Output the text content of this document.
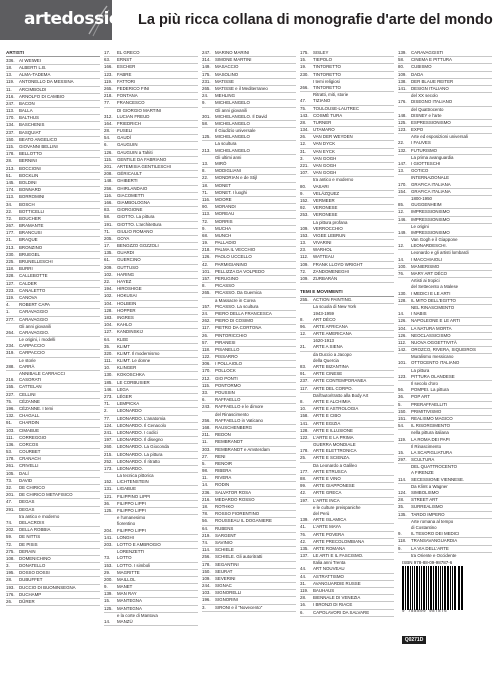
artedossier La più ricca collana di monografie d'arte del mondo
ARTISTI
336. AI WEIWEI
18. ALBERTI L.B.
13. ALMA-TADEMA
119. ANTONELLO DA MESSINA
11. ARCIMBOLDI
216. ARNOLFO DI CAMBIO
247. BACON
113. BALLA
170. BALTHUS
134. BASCHENIS
237. BASQUIAT
150. BEATO ANGELICO
115. GIOVANNI BELLINI
178. BELLOTTO
28. BERNINI
213. BOCCIONI
51. BOCKLIN
145. BOLDINI
174. BONNARD
113. BORROMINI
34. BOSCH
22. BOTTICELLI
72. BOUCHER
267. BRAMANTE
177. BRANCUSI
21. BRAQUE
213. BRONZINO
230. BRUEGEL
225. BRUNELLESCHI
118. BURRI
328. CALLEBOTTE
127. CALDER
223. CANALETTO
119. CANOVA
4. ROBERT CAPA
1. CARAVAGGIO
277. CARAVAGGIO
Gli anni giovanili
264. CARAVAGGIO.
Le origini, i modelli
234. CARPACCIO
319. CARPACCIO
Le storie
288. CARRÀ
ANNIBALE CARRACCI
216. CASORATI
155. CATTELAN
227. CELLINI
75. CÉZANNE
196. CÉZANNE. I temi
132. CHAGALL
91. CHARDIN
103. CIMABUE
111. CORREGGIO
136. CORCOS
53. COURBET
178. CRANACH
261. CRIVELLI
105. DALÍ
73. DAVID
32. DE CHIRICO
201. DE CHIRICO METAFISICO
47. DEGAS
291. DEGAS
tra antico e moderno
74. DELACROIX
202. DELLA ROBBIA
59. DE NITTIS
72. DE PISIS
275. DERAIN
108. DOMENICHINO
3. DONATELLO
195. DOSSO DOSSI
28. DUBUFFET
193. DUCCIO DI BUONINSEGNA
176. DUCHAMP
26. DÜRER
17. EL GRECO
63. ERNST
166. ESCHER
123. FABRE
119. FATTORI
265. FEDERICO FINI
218. FONTANA
77. FRANCESCO
DI GIORGIO MARTINI
312. LUCIAN FREUD
164. FRIEDRICH
28. FUSELI
54. GAUDÍ
6. GAUGUIN
126. GAUGUIN a Tahiti
115. GENTILE DA FABRIANO
201. ARTEMISIA GENTILESCHI
208. GÉRICAULT
148. GHIBERTI
256. GHIRLANDAIO
116. GIACOMETTI
166. GIAMBOLOGNA
83. GIORGIONE
58. GIOTTO. La pittura
191. GIOTTO. L'architettura
71. GIULIO ROMANO
205. GOYA
17. BENOZZO GOZZOLI
135. GUARDI
61. GUERCINO
209. GUTTUSO
102. HARING
22. HAYEZ
194. HIROSHIGE
102. HOKUSAI
104. HOLBEIN
128. HOPPER
183. INGRES
104. KAHLO
127. KANDINSKIJ
64. KLEE
35. KLIMT
320. KLIMT. Il modernismo
111. KLIMT. Le donne
10. KLINGER
130. KOKOSCHKA
185. LE CORBUSIER
146. LEGA
273. LÉGER
71. LEMPICKA
2. LEONARDO
77. LEONARDO. L'anatomia
124. LEONARDO. Il Cenacolo
241. LEONARDO. I codici
197. LEONARDO. Il disegno
260. LEONARDO. La Gioconda
215. LEONARDO. La pittura
252. LEONARDO. Il ritratto
173. LEONARDO.
La tecnica pittorica
152. LICHTENSTEIN
131. LIGABUE
121. FILIPPINO LIPPI
36. FILIPPO LIPPI
125. FILIPPO LIPPI
e l'umanesimo
fiorentino
204. FILIPPO LIPPI
141. LONGHI
203. LOTTO E AMBROGIO
LORENZETTI
73. LOTTO
153. LOTTO. I simboli
29. MAGRITTE
200. MAILLOL
9. MANET
139. MAN RAY
15. MANTEGNA
125. MANTEGNA
e la corte di Mantova
14. MANZÙ
247. MARINO MARINI
314. SIMONE MARTINI
149. MASACCIO
175. MASOLINO
231. MATISSE
265. MATISSE e il Mediterraneo
24. MEHLING
9. MICHELANGELO
Gli anni giovanili
301. MICHELANGELO. Il David
58. MICHELANGELO
Il Giudizio universale
125. MICHELANGELO
La scultura
213. MICHELANGELO
Gli ultimi anni
13. MIRÓ
8. MODIGLIANI
22. MONDRIAN e de Stijl
18. MONET
71. MONET. I luoghi
116. MOORE
90. MORANDI
113. MOREAU
72. MORRIS
9. MUCHA
68. MUNCH
19. PALLADIO
218. PALMA IL VECCHIO
126. PAOLO UCCELLO
42. PARMIGIANINO
101. PELLIZZA DA VOLPEDO
157. PERUGINO
8. PICASSO
265. PICASSO. Da Guernica
a Massacre in Corea
157. PICASSO. La scultura
24. PIERO DELLA FRANCESCA
262. PIERO DI COSIMO
117. PIETRO DA CORTONA
26. PINTORICCHIO
57. PIRANESI
118. PISANELLO
122. PISSARRO
306. I POLLAIOLO
170. POLLOCK
212. GIO PONTI
115. PONTORMO
33. POUSSIN
6. RAFFAELLO
243. RAFFAELLO e le dimore
del Rinascimento
256. RAFFAELLO in Vaticano
168. RAUSCHENBERG
211. REDON
11. REMBRANDT
303. REMBRANDT e Amsterdam
27. RENI
5. RENOIR
98. RIBERA
11. RIVERA
14. RODIN
236. SALVATOR ROSA
216. MEDARDO ROSSO
18. ROTHKO
78. ROSSO FIORENTINO
56. ROUSSEAU IL DOGANIERE
64. RUBENS
219. SARGENT
74. SAVINIO
114. SCHIELE
256. SCHIELE. Gli autoritratti
178. SEGANTINI
150. SEURAT
109. SEVERINI
244. SIGNAC
103. SIGNORELLI
196. SIGNORINI
3. SIRONI e il "Novecento"
175. SISLEY
15. TIEPOLO
19. TINTORETTO
230. TINTORETTO
I temi religiosi
266. TINTORETTO
Ritratti, miti, storie
47. TIZIANO
75. TOULOUSE-LAUTREC
143. COSMÈ TURA
28. TURNER
134. UTAMARO
26. VAN DER WEYDEN
12. VAN DYCK
31. VAN EYCK
3. VAN GOGH
221. VAN GOGH
107. VAN GOGH
tra antico e moderno
80. VASARI
9. VELÁZQUEZ
152. VERMEER
92. VERONESE
253. VERONESE
La pittura profana
109. VERROCCHIO
153. VIGEE LEBRUN
13. VIVARINI
23. WARHOL
112. WATTEAU
109. FRANK LLOYD WRIGHT
72. ZANDOMENEGHI
109. ZURBARÁN
TEMI E MOVIMENTI
255. ACTION PAINTING.
La scuola di New York
1943-1959
8. ART DÉCO
96. ARTE AFRICANA
12. ARTE AMERICANA
1620-1913
21. ARTE A SIENA
da Duccio a Jacopo
della Quercia
83. ARTE BIZANTINA
91. ARTE CINESE
237. ARTE CONTEMPORANEA
117. ARTE DEL CORPO.
Dall'autoritratto alla Body Art
8. ARTE E ALCHIMIA
10. ARTE E ASTROLOGIA
158. ARTE E CIBO
141. ARTE EGIZIA
128. ARTE E ILLUSIONE
122. L'ARTE E LA PRIMA
GUERRA MONDIALE
178. ARTE ELETTRONICA
25. ARTE E SCIENZA.
Da Leonardo a Galileo
177. ARTE ETRUSCA
88. ARTE E VINO
99. ARTE GIAPPONESE
42. ARTE GRECA
197. L'ARTE INCA
e le culture preispaniche
del Perù
139. ARTE ISLAMICA
41. L'ARTE MAYA
76. ARTE POVERA
42. ARTE PRECOLOMBIANA
135. ARTE ROMANA
137. LE ARTI E IL FASCISMO.
Italia anni Trenta
44. ART NOUVEAU
44. ASTRATTISMO
31. AVANGUARDIE RUSSE
119. BAUHAUS
28. BIENNALE DI VENEZIA
16. I BRONZI DI RIACE
6. CAPOLAVORI DA SALVARE
139. CARAVAGGISTI
58. CINEMA E PITTURA
80. CUBISMO
109. DADA
138. DER BLAUE REITER
141. DESIGN ITALIANO
del XX secolo
176. DISEGNO ITALIANO
del Quattrocento
148. DISNEY e l'arte
125. ESPRESSIONISMO
123. EXPO
Arte ed esposizioni universali
22. I FAUVES
132. FUTURISMO
La prima avanguardia
147. I GIOTTESCHI
13. GOTICO
INTERNAZIONALE
170. GRAFICA ITALIANA
154. GRAFICA ITALIANA
1800-1950
85. GUGGENHEIM
12. IMPRESSIONISMO
146. IMPRESSIONISMO
Le origini
149. IMPRESSIONISMO
Van Gogh e il Giappone
12. LEONARDESCHI.
Leonardo e gli artisti lombardi
14. I MACCHIAIOLI
100. MANIERISMO
76. MARY ART DÉCO
Artisti ai tropici
del Settecento a Malese
130. I MEDICI E LE ARTI
128. IL MITO DELL'EGITTO
NEL RINASCIMENTO
14. I NABIS
126. NAPOLEONE E LE ARTI
104. LA NATURA MORTA
126. NEOCLASSICISMO
112. NUOVA OGGETTIVITÀ
142. OROZCO, RIVERA, SIQUEIROS
Muralismo messicano
101. OTTOCENTO ITALIANO
La pittura
123. PITTURA OLANDESE
Il secolo d'oro
56. POMPEI. La pittura
36. POP ART
5. PRERAFFAELLITI
150. PRIMITIVISMO
151. REALISMO MAGICO
54. IL RISORGIMENTO
nella pittura italiana
119. LA ROMA DEI PAPI
Il Rinascimento
15. LA SCAPIGLIATURA
297. SCULTURA
DEL QUATTROCENTO
A FIRENZE
114. SECESSIONE VIENNESE.
Da Klimt a Wagner
124. SIMBOLISMO
28. STREET ART
35. SURREALISMO
135. TARDO IMPERO
Arte romana al tempo
di Costantino
9. IL TESORO DEI MEDICI
118. TRANSAVANGUARDIA
9. LA VIA DELL'ARTE
tra Oriente e Occidente
ISBN 978-88-09-98787-6
9 788809 987876
Q0271D
